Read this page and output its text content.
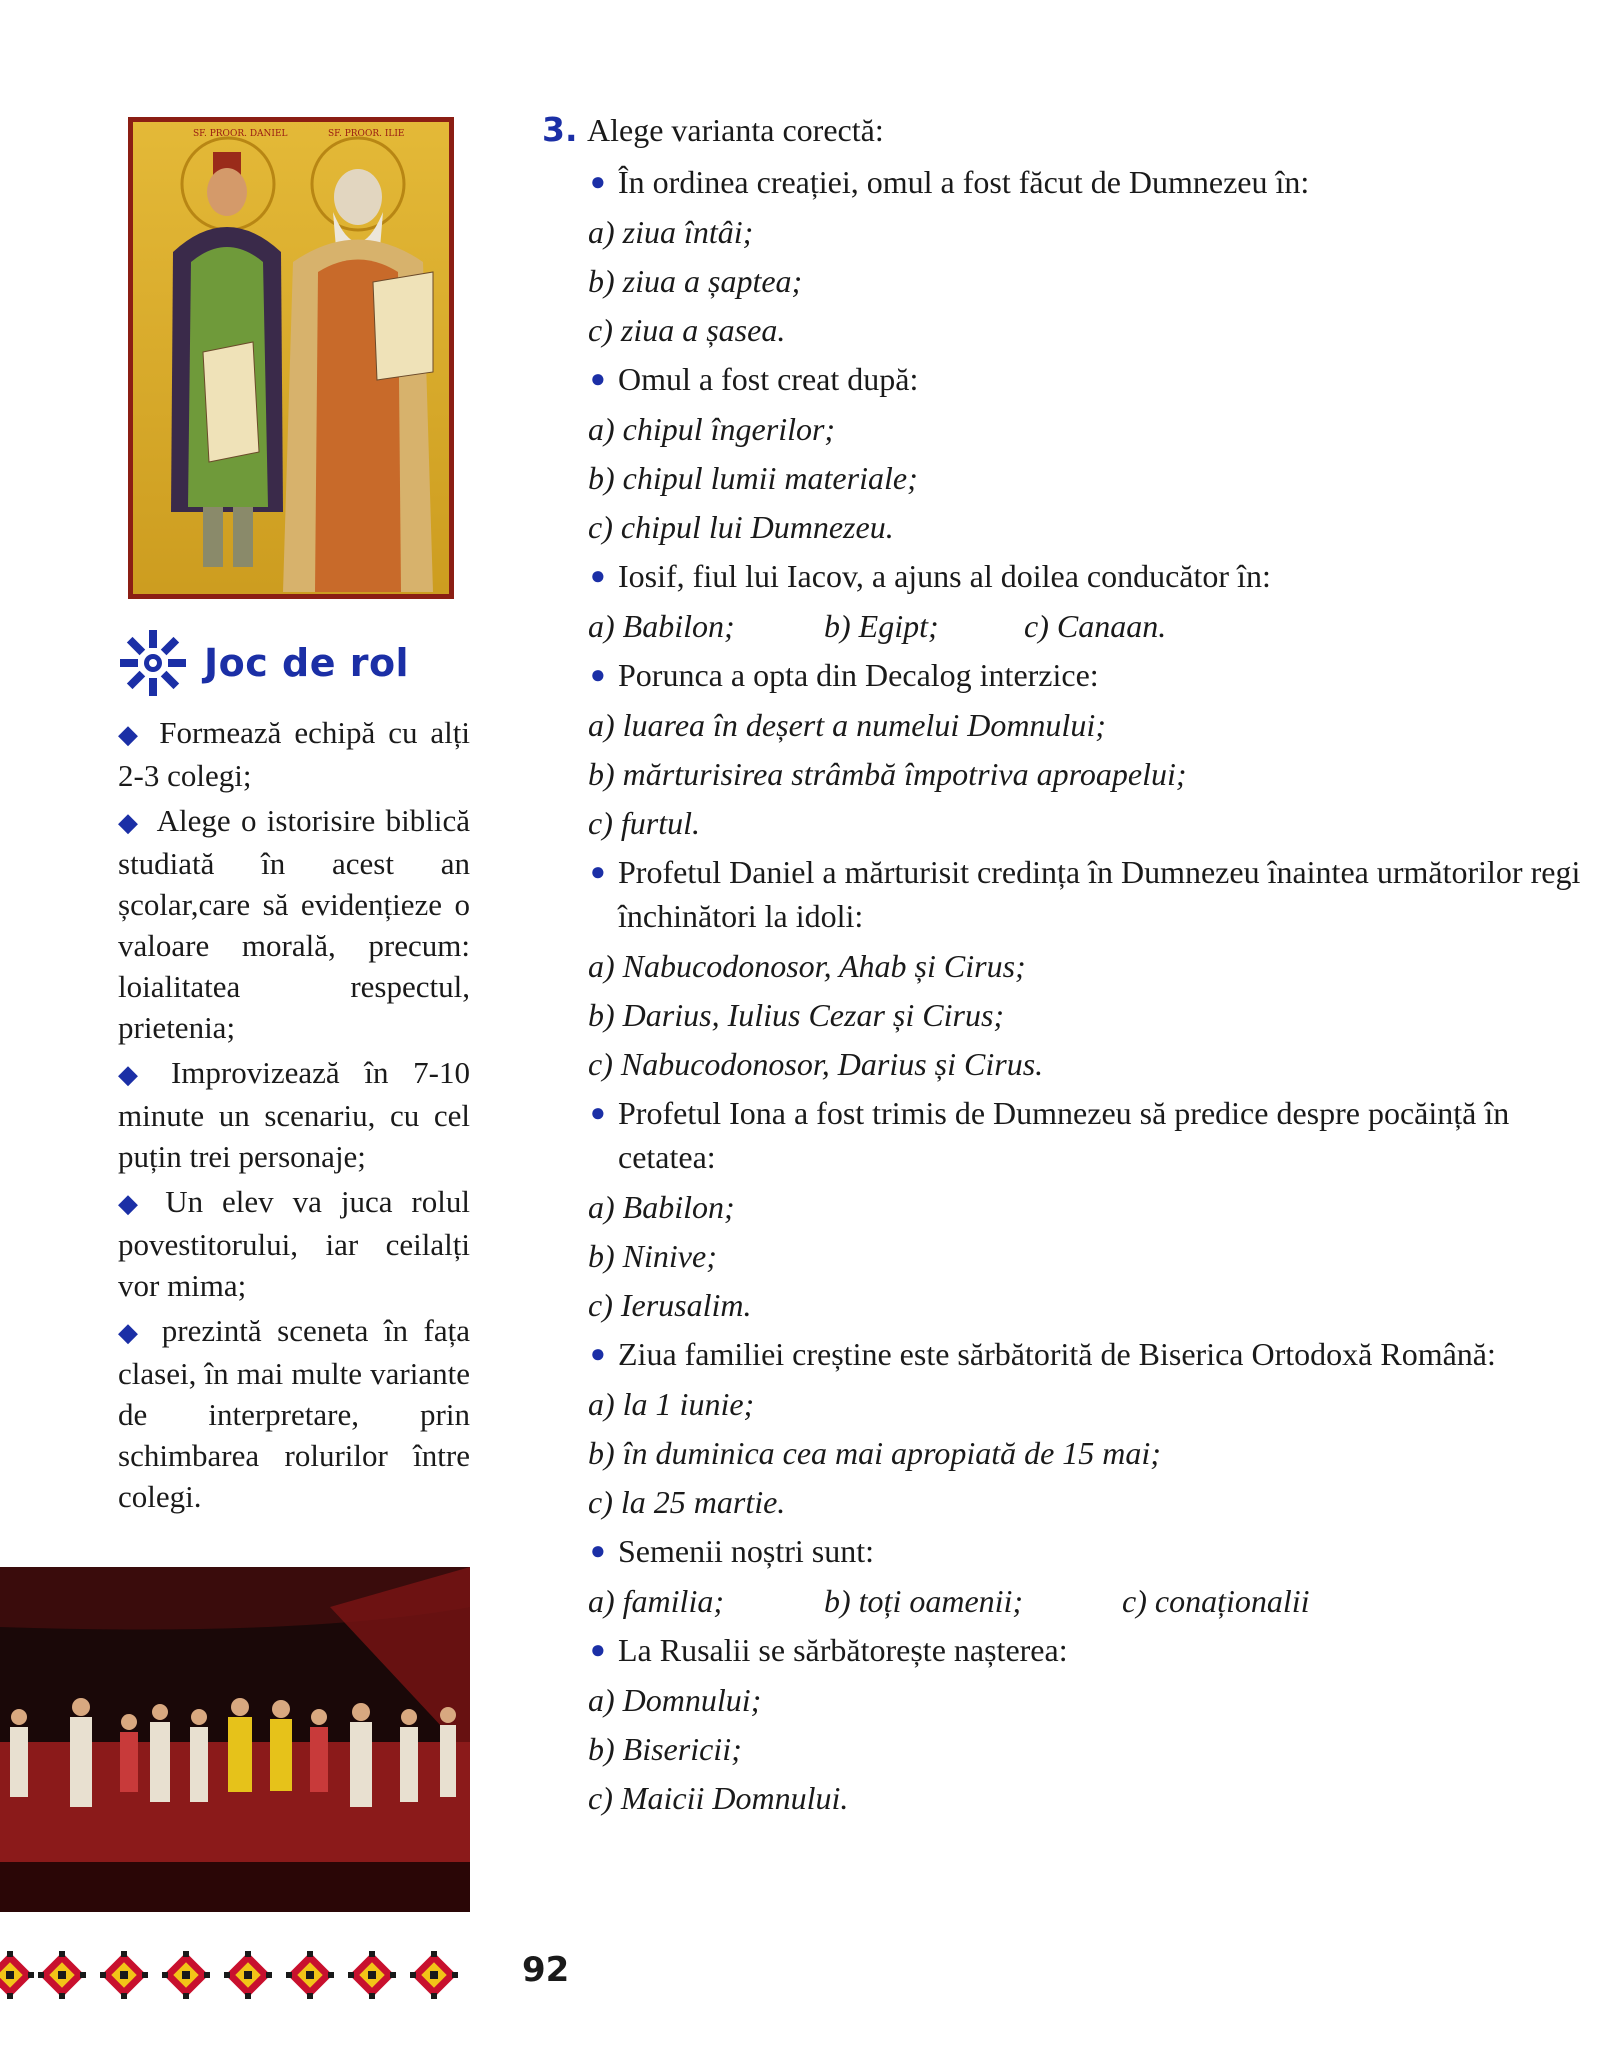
SF. PROOR. DANIEL	SF. PROOR. ILIE
Joc de rol
◆ Formează echipă cu alți 2-3 colegi;
◆ Alege o istorisire biblică studiată în acest an școlar,care să evidențieze o valoare morală, precum: loialitatea respectul, prietenia;
◆ Improvizează în 7-10 minute un scenariu, cu cel puțin trei personaje;
◆ Un elev va juca rolul povestitorului, iar ceilalți vor mima;
◆ prezintă sceneta în fața clasei, în mai multe variante de interpretare, prin schimbarea rolurilor între colegi.
92
3. Alege varianta corectă:
● În ordinea creației, omul a fost făcut de Dumnezeu în:
a) ziua întâi;
b) ziua a șaptea;
c) ziua a șasea.
● Omul a fost creat după:
a) chipul îngerilor;
b) chipul lumii materiale;
c) chipul lui Dumnezeu.
● Iosif, fiul lui Iacov, a ajuns al doilea conducător în:
a) Babilon;	b) Egipt;	c) Canaan.
● Porunca a opta din Decalog interzice:
a) luarea în deșert a numelui Domnului;
b) mărturisirea strâmbă împotriva aproapelui;
c) furtul.
● Profetul Daniel a mărturisit credința în Dumnezeu înaintea următorilor regi închinători la idoli:
a) Nabucodonosor, Ahab și Cirus;
b) Darius, Iulius Cezar și Cirus;
c) Nabucodonosor, Darius și Cirus.
● Profetul Iona a fost trimis de Dumnezeu să predice despre pocăință în cetatea:
a) Babilon;
b) Ninive;
c) Ierusalim.
● Ziua familiei creștine este sărbătorită de Biserica Ortodoxă Română:
a) la 1 iunie;
b) în duminica cea mai apropiată de 15 mai;
c) la 25 martie.
● Semenii noștri sunt:
a) familia;	b) toți oamenii;	c) conaționalii
● La Rusalii se sărbătorește nașterea:
a) Domnului;
b) Bisericii;
c) Maicii Domnului.
